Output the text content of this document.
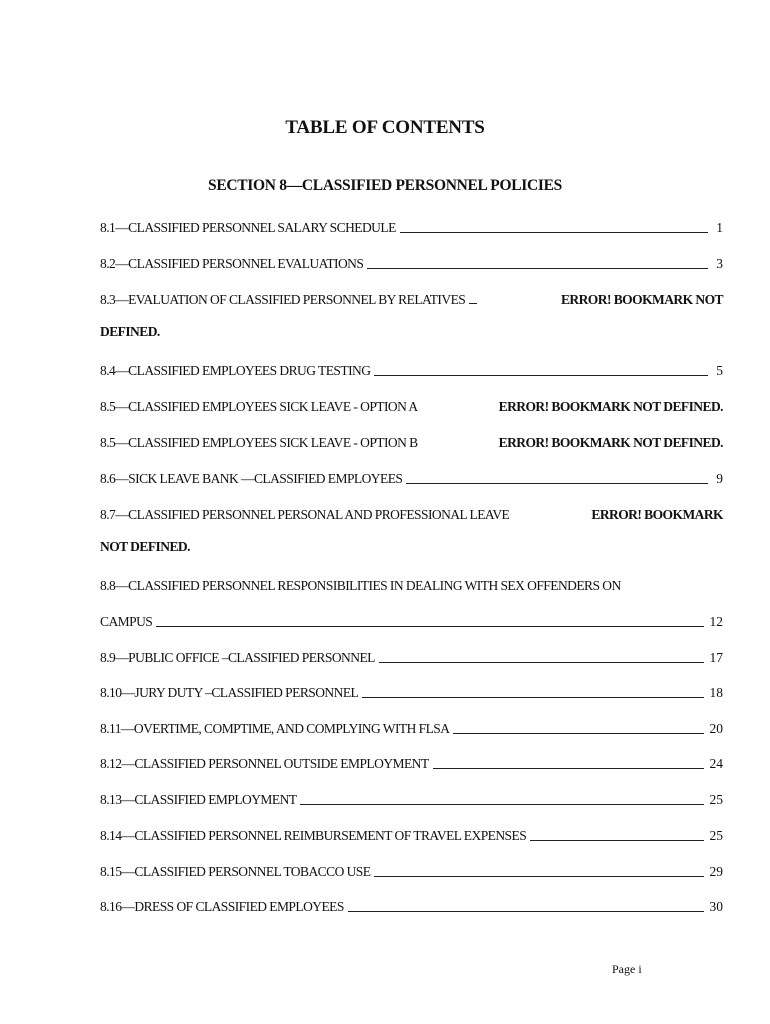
TABLE OF CONTENTS
SECTION 8—CLASSIFIED PERSONNEL POLICIES
8.1—CLASSIFIED PERSONNEL SALARY SCHEDULE	1
8.2—CLASSIFIED PERSONNEL EVALUATIONS	3
8.3—EVALUATION OF CLASSIFIED PERSONNEL BY RELATIVES	ERROR! BOOKMARK NOT
DEFINED.
8.4—CLASSIFIED EMPLOYEES DRUG TESTING	5
8.5—CLASSIFIED EMPLOYEES SICK LEAVE - OPTION A	ERROR! BOOKMARK NOT DEFINED.
8.5—CLASSIFIED EMPLOYEES SICK LEAVE - OPTION B	ERROR! BOOKMARK NOT DEFINED.
8.6—SICK LEAVE BANK —CLASSIFIED EMPLOYEES	9
8.7—CLASSIFIED PERSONNEL PERSONAL AND PROFESSIONAL LEAVE	ERROR! BOOKMARK
NOT DEFINED.
8.8—CLASSIFIED PERSONNEL RESPONSIBILITIES IN DEALING WITH SEX OFFENDERS ON
CAMPUS	12
8.9—PUBLIC OFFICE –CLASSIFIED PERSONNEL	17
8.10—JURY DUTY –CLASSIFIED PERSONNEL	18
8.11—OVERTIME, COMPTIME, AND COMPLYING WITH FLSA	20
8.12—CLASSIFIED PERSONNEL OUTSIDE EMPLOYMENT	24
8.13—CLASSIFIED EMPLOYMENT	25
8.14—CLASSIFIED PERSONNEL REIMBURSEMENT OF TRAVEL EXPENSES	25
8.15—CLASSIFIED PERSONNEL TOBACCO USE	29
8.16—DRESS OF CLASSIFIED EMPLOYEES	30
Page i
